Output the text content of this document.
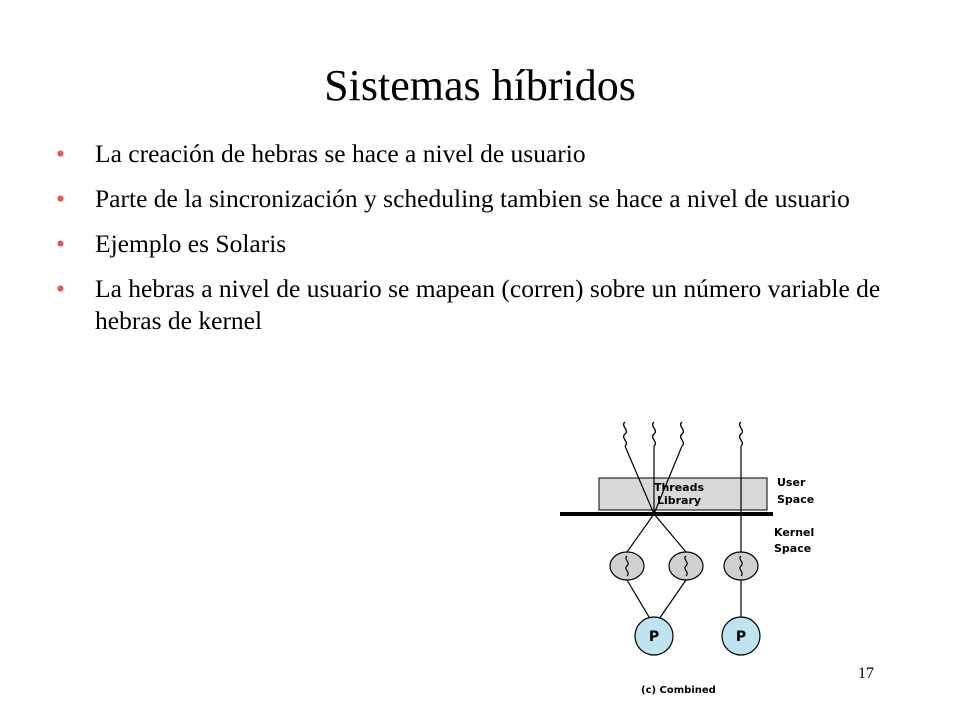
Sistemas híbridos
• La creación de hebras se hace a nivel de usuario
• Parte de la sincronización y scheduling tambien se hace a nivel de usuario
• Ejemplo es Solaris
• La hebras a nivel de usuario se mapean (corren) sobre un número variable de hebras de kernel
Threads
Library
P	P
User
Space
Kernel
Space
(c) Combined
17
